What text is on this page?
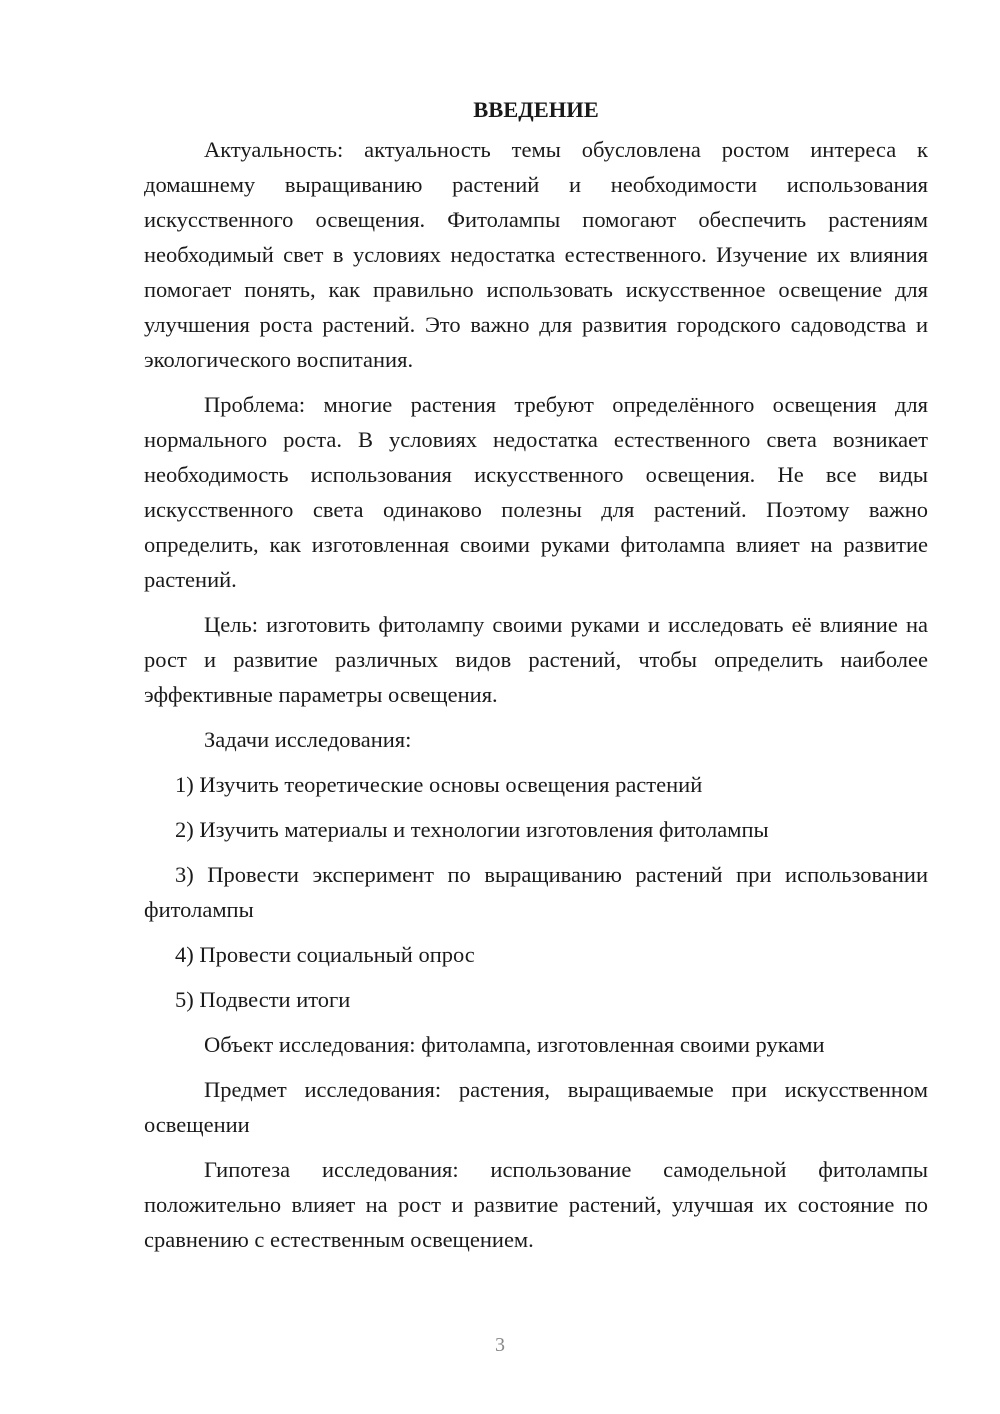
ВВЕДЕНИЕ
Актуальность: актуальность темы обусловлена ростом интереса к домашнему выращиванию растений и необходимости использования искусственного освещения. Фитолампы помогают обеспечить растениям необходимый свет в условиях недостатка естественного. Изучение их влияния помогает понять, как правильно использовать искусственное освещение для улучшения роста растений. Это важно для развития городского садоводства и экологического воспитания.
Проблема: многие растения требуют определённого освещения для нормального роста. В условиях недостатка естественного света возникает необходимость использования искусственного освещения. Не все виды искусственного света одинаково полезны для растений. Поэтому важно определить, как изготовленная своими руками фитолампа влияет на развитие растений.
Цель: изготовить фитолампу своими руками и исследовать её влияние на рост и развитие различных видов растений, чтобы определить наиболее эффективные параметры освещения.
Задачи исследования:
1) Изучить теоретические основы освещения растений
2) Изучить материалы и технологии изготовления фитолампы
3) Провести эксперимент по выращиванию растений при использовании фитолампы
4) Провести социальный опрос
5) Подвести итоги
Объект исследования: фитолампа, изготовленная своими руками
Предмет исследования: растения, выращиваемые при искусственном освещении
Гипотеза исследования: использование самодельной фитолампы положительно влияет на рост и развитие растений, улучшая их состояние по сравнению с естественным освещением.
3
